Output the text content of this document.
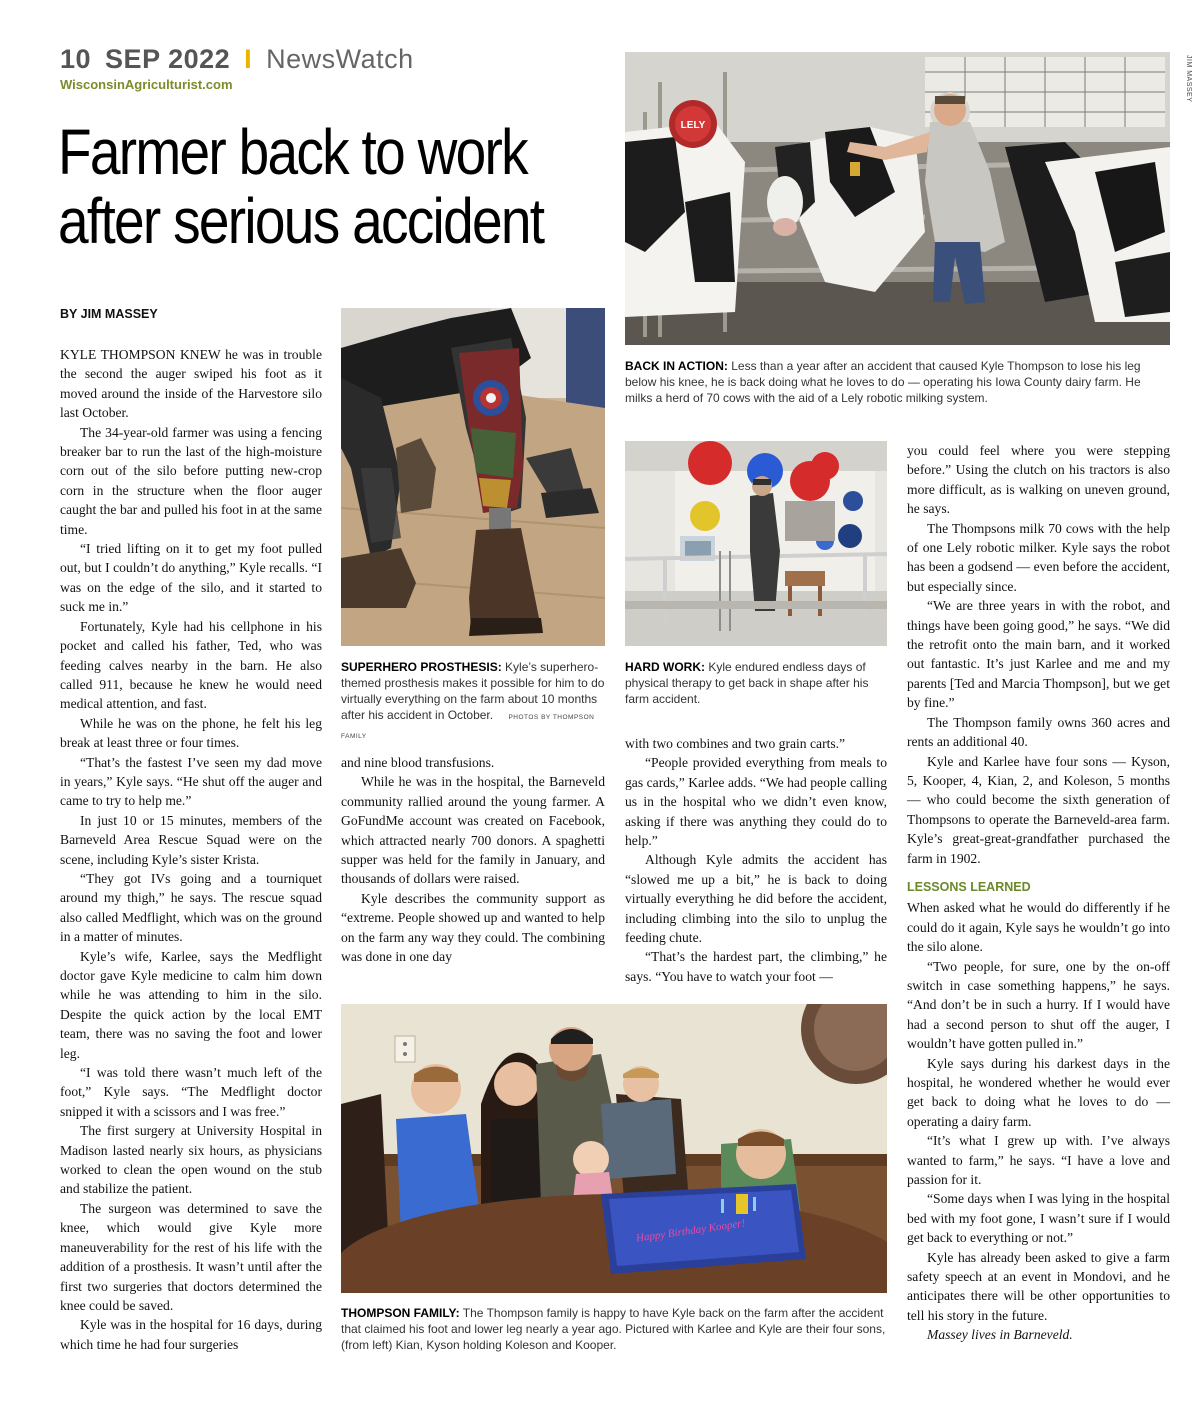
10 SEP 2022 I NewsWatch
WisconsinAgriculturist.com
Farmer back to work
after serious accident
BY JIM MASSEY

KYLE THOMPSON KNEW he was in trouble the second the auger swiped his foot as it moved around the inside of the Harvestore silo last October.

The 34-year-old farmer was using a fencing breaker bar to run the last of the high-moisture corn out of the silo before putting new-crop corn in the structure when the floor auger caught the bar and pulled his foot in at the same time.

“I tried lifting on it to get my foot pulled out, but I couldn’t do anything,” Kyle recalls. “I was on the edge of the silo, and it started to suck me in.”

Fortunately, Kyle had his cellphone in his pocket and called his father, Ted, who was feeding calves nearby in the barn. He also called 911, because he knew he would need medical attention, and fast.

While he was on the phone, he felt his leg break at least three or four times.

“That’s the fastest I’ve seen my dad move in years,” Kyle says. “He shut off the auger and came to try to help me.”

In just 10 or 15 minutes, members of the Barneveld Area Rescue Squad were on the scene, including Kyle’s sister Krista.

“They got IVs going and a tourniquet around my thigh,” he says. The rescue squad also called Medflight, which was on the ground in a matter of minutes.

Kyle’s wife, Karlee, says the Medflight doctor gave Kyle medicine to calm him down while he was attending to him in the silo. Despite the quick action by the local EMT team, there was no saving the foot and lower leg.

“I was told there wasn’t much left of the foot,” Kyle says. “The Medflight doctor snipped it with a scissors and I was free.”

The first surgery at University Hospital in Madison lasted nearly six hours, as physicians worked to clean the open wound on the stub and stabilize the patient.

The surgeon was determined to save the knee, which would give Kyle more maneuverability for the rest of his life with the addition of a prosthesis. It wasn’t until after the first two surgeries that doctors determined the knee could be saved.

Kyle was in the hospital for 16 days, during which time he had four surgeries

LELY
JIM MASSEY
BACK IN ACTION: Less than a year after an accident that caused Kyle Thompson to lose his leg below his knee, he is back doing what he loves to do — operating his Iowa County dairy farm. He milks a herd of 70 cows with the aid of a Lely robotic milking system.
SUPERHERO PROSTHESIS: Kyle’s superhero-themed prosthesis makes it possible for him to do virtually everything on the farm about 10 months after his accident in October. PHOTOS BY THOMPSON FAMILY
HARD WORK: Kyle endured endless days of physical therapy to get back in shape after his farm accident.

and nine blood transfusions.

While he was in the hospital, the Barneveld community rallied around the young farmer. A GoFundMe account was created on Facebook, which attracted nearly 700 donors. A spaghetti supper was held for the family in January, and thousands of dollars were raised.

Kyle describes the community support as “extreme. People showed up and wanted to help on the farm any way they could. The combining was done in one day

with two combines and two grain carts.”

“People provided everything from meals to gas cards,” Karlee adds. “We had people calling us in the hospital who we didn’t even know, asking if there was anything they could do to help.”

Although Kyle admits the accident has “slowed me up a bit,” he is back to doing virtually everything he did before the accident, including climbing into the silo to unplug the feeding chute.

“That’s the hardest part, the climbing,” he says. “You have to watch your foot —

you could feel where you were stepping before.” Using the clutch on his tractors is also more difficult, as is walking on uneven ground, he says.

The Thompsons milk 70 cows with the help of one Lely robotic milker. Kyle says the robot has been a godsend — even before the accident, but especially since.

“We are three years in with the robot, and things have been going good,” he says. “We did the retrofit onto the main barn, and it worked out fantastic. It’s just Karlee and me and my parents [Ted and Marcia Thompson], but we get by fine.”

The Thompson family owns 360 acres and rents an additional 40.

Kyle and Karlee have four sons — Kyson, 5, Kooper, 4, Kian, 2, and Koleson, 5 months — who could become the sixth generation of Thompsons to operate the Barneveld-area farm. Kyle’s great-great-grandfather purchased the farm in 1902.

LESSONS LEARNED

When asked what he would do differently if he could do it again, Kyle says he wouldn’t go into the silo alone.

“Two people, for sure, one by the on-off switch in case something happens,” he says. “And don’t be in such a hurry. If I would have had a second person to shut off the auger, I wouldn’t have gotten pulled in.”

Kyle says during his darkest days in the hospital, he wondered whether he would ever get back to doing what he loves to do — operating a dairy farm.

“It’s what I grew up with. I’ve always wanted to farm,” he says. “I have a love and passion for it.

“Some days when I was lying in the hospital bed with my foot gone, I wasn’t sure if I would get back to everything or not.”

Kyle has already been asked to give a farm safety speech at an event in Mondovi, and he anticipates there will be other opportunities to tell his story in the future.

Massey lives in Barneveld.

Happy Birthday Kooper!
THOMPSON FAMILY: The Thompson family is happy to have Kyle back on the farm after the accident that claimed his foot and lower leg nearly a year ago. Pictured with Karlee and Kyle are their four sons, (from left) Kian, Kyson holding Koleson and Kooper.
